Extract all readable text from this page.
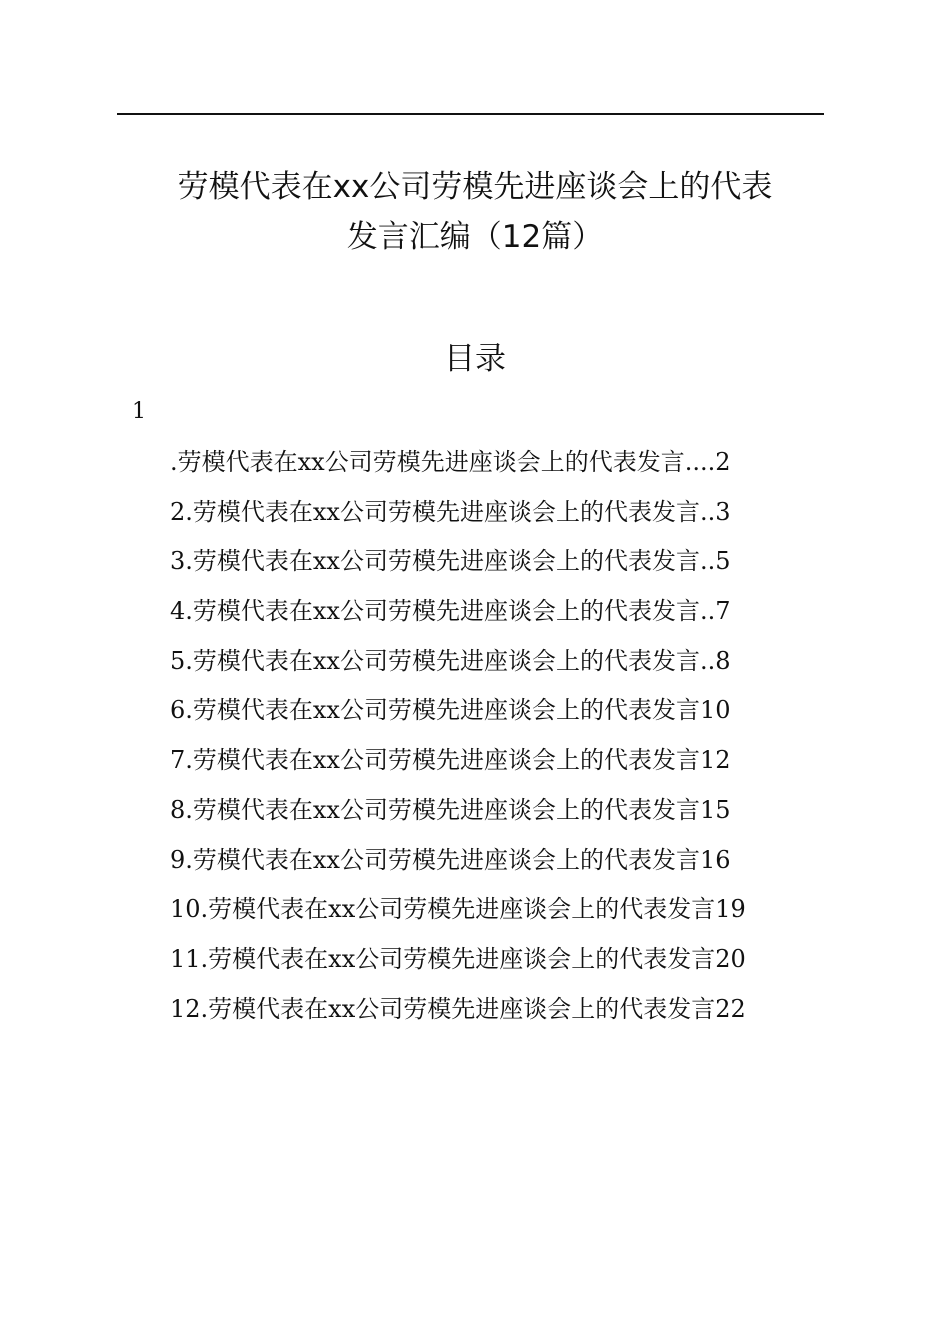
劳模代表在xx公司劳模先进座谈会上的代表
发言汇编（12篇）
目录
1
.劳模代表在xx公司劳模先进座谈会上的代表发言....2
2.劳模代表在xx公司劳模先进座谈会上的代表发言..3
3.劳模代表在xx公司劳模先进座谈会上的代表发言..5
4.劳模代表在xx公司劳模先进座谈会上的代表发言..7
5.劳模代表在xx公司劳模先进座谈会上的代表发言..8
6.劳模代表在xx公司劳模先进座谈会上的代表发言10
7.劳模代表在xx公司劳模先进座谈会上的代表发言12
8.劳模代表在xx公司劳模先进座谈会上的代表发言15
9.劳模代表在xx公司劳模先进座谈会上的代表发言16
10.劳模代表在xx公司劳模先进座谈会上的代表发言19
11.劳模代表在xx公司劳模先进座谈会上的代表发言20
12.劳模代表在xx公司劳模先进座谈会上的代表发言22
